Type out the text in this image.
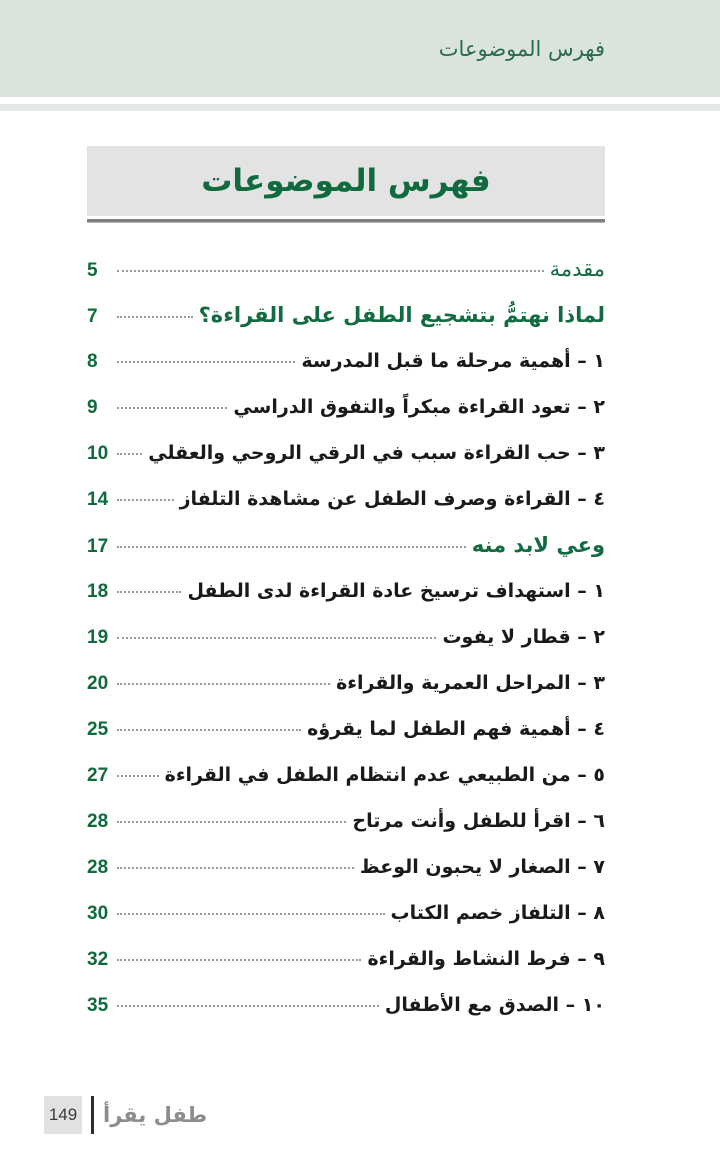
فهرس الموضوعات
فهرس الموضوعات
مقدمة
5
لماذا نهتمُّ بتشجيع الطفل على القراءة؟
7
١ – أهمية مرحلة ما قبل المدرسة
8
٢ – تعود القراءة مبكراً والتفوق الدراسي
9
٣ – حب القراءة سبب في الرقي الروحي والعقلي
10
٤ – القراءة وصرف الطفل عن مشاهدة التلفاز
14
وعي لابد منه
17
١ – استهداف ترسيخ عادة القراءة لدى الطفل
18
٢ – قطار لا يفوت
19
٣ – المراحل العمرية والقراءة
20
٤ – أهمية فهم الطفل لما يقرؤه
25
٥ – من الطبيعي عدم انتظام الطفل في القراءة
27
٦ – اقرأ للطفل وأنت مرتاح
28
٧ – الصغار لا يحبون الوعظ
28
٨ – التلفاز خصم الكتاب
30
٩ – فرط النشاط والقراءة
32
١٠ – الصدق مع الأطفال
35
149 طفل يقرأ
